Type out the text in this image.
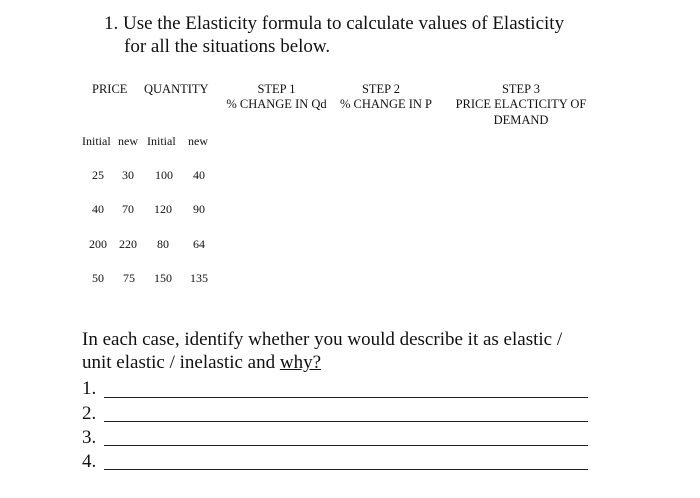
1. Use the Elasticity formula to calculate values of Elasticity
for all the situations below.
PRICE QUANTITY	STEP 1
% CHANGE IN Qd
STEP 2
% CHANGE IN P
STEP 3
PRICE ELACTICITY OF
DEMAND
Initial new Initial new
25 30 100 40
40 70 120 90
200 220 80 64
50 75 150 135
In each case, identify whether you would describe it as elastic /
unit elastic / inelastic and why?
1.
2.
3.
4.
